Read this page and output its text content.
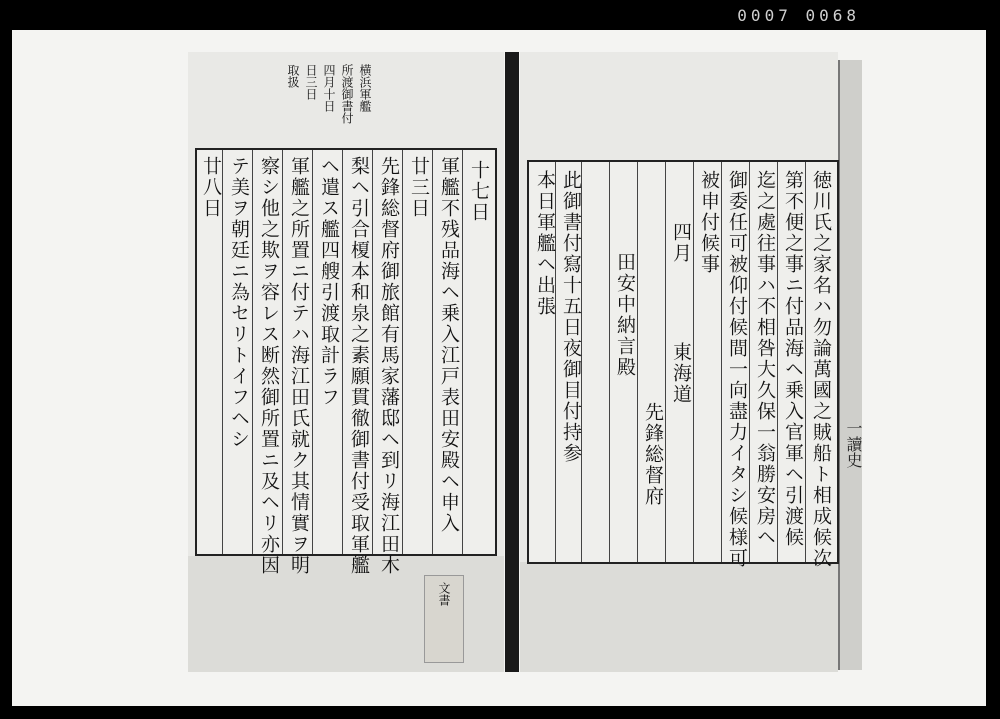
0007 0068
横浜軍艦
所渡御書付
四月十日
日三日
取扱
十七日
軍艦不残品海ヘ乗入江戸表田安殿ヘ申入
廿三日
先鋒総督府御旅館有馬家藩邸ヘ到リ海江田木
梨ヘ引合榎本和泉之素願貫徹御書付受取軍艦
ヘ遣ス艦四艘引渡取計ラフ
軍艦之所置ニ付テハ海江田氏就ク其情實ヲ明
察シ他之欺ヲ容レス断然御所置ニ及ヘリ亦因
テ美ヲ朝廷ニ為セリトイフヘシ
廿八日	徳川氏之家名ハ勿論萬國之賊船ト相成候次
第不便之事ニ付品海ヘ乗入官軍ヘ引渡候
迄之處往事ハ不相咎大久保一翁勝安房ヘ
御委任可被仰付候間一向盡力イタシ候様可
被申付候事
四月
東海道
先鋒総督府
田安中納言殿
此御書付寫十五日夜御目付持参
本日軍艦ヘ出張
一讀史
文書
